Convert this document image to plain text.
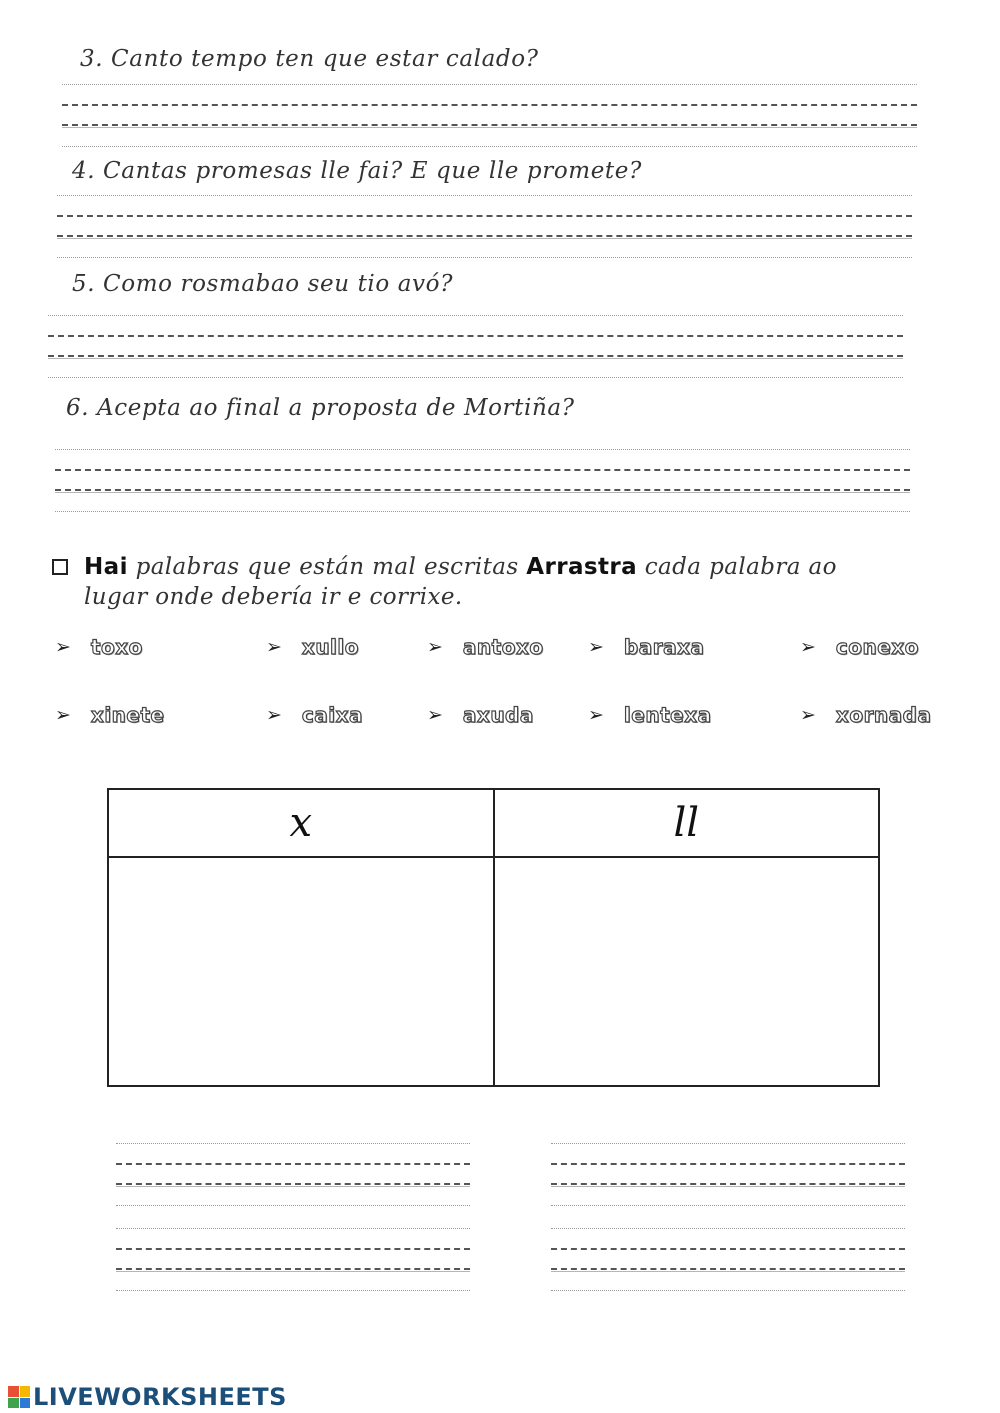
3. Canto tempo ten que estar calado?
4. Cantas promesas lle fai? E que lle promete?
5. Como rosmabao seu tio avó?
6. Acepta ao final a proposta de Mortiña?
Hai palabras que están mal escritas Arrastra cada palabra ao
lugar onde debería ir e corrixe.
➢ toxo	➢ xullo	➢ antoxo ➢ baraxa	➢ conexo
➢ xinete	➢ caixa	➢ axuda	➢ lentexa	➢ xornada
x	ll

LIVEWORKSHEETS
